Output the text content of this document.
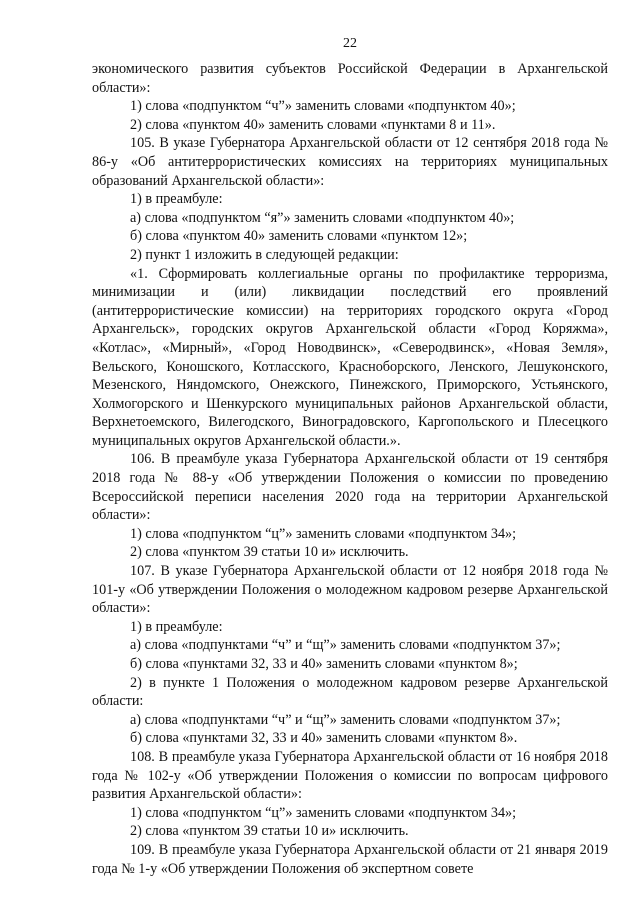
22

экономического развития субъектов Российской Федерации в Архангельской области»:

1) слова «подпунктом “ч”» заменить словами «подпунктом 40»;

2) слова «пунктом 40» заменить словами «пунктами 8 и 11».

105. В указе Губернатора Архангельской области от 12 сентября 2018 года № 86-у «Об антитеррористических комиссиях на территориях муниципальных образований Архангельской области»:

1) в преамбуле:

а) слова «подпунктом “я”» заменить словами «подпунктом 40»;

б) слова «пунктом 40» заменить словами «пунктом 12»;

2) пункт 1 изложить в следующей редакции:

«1. Сформировать коллегиальные органы по профилактике терроризма, минимизации и (или) ликвидации последствий его проявлений (антитеррористические комиссии) на территориях городского округа «Город Архангельск», городских округов Архангельской области «Город Коряжма», «Котлас», «Мирный», «Город Новодвинск», «Северодвинск», «Новая Земля», Вельского, Коношского, Котласского, Красноборского, Ленского, Лешуконского, Мезенского, Няндомского, Онежского, Пинежского, Приморского, Устьянского, Холмогорского и Шенкурского муниципальных районов Архангельской области, Верхнетоемского, Вилегодского, Виноградовского, Каргопольского и Плесецкого муниципальных округов Архангельской области.».

106. В преамбуле указа Губернатора Архангельской области от 19 сентября 2018 года № 88-у «Об утверждении Положения о комиссии по проведению Всероссийской переписи населения 2020 года на территории Архангельской области»:

1) слова «подпунктом “ц”» заменить словами «подпунктом 34»;

2) слова «пунктом 39 статьи 10 и» исключить.

107. В указе Губернатора Архангельской области от 12 ноября 2018 года № 101-у «Об утверждении Положения о молодежном кадровом резерве Архангельской области»:

1) в преамбуле:

а) слова «подпунктами “ч” и “щ”» заменить словами «подпунктом 37»;

б) слова «пунктами 32, 33 и 40» заменить словами «пунктом 8»;

2) в пункте 1 Положения о молодежном кадровом резерве Архангельской области:

а) слова «подпунктами “ч” и “щ”» заменить словами «подпунктом 37»;

б) слова «пунктами 32, 33 и 40» заменить словами «пунктом 8».

108. В преамбуле указа Губернатора Архангельской области от 16 ноября 2018 года № 102-у «Об утверждении Положения о комиссии по вопросам цифрового развития Архангельской области»:

1) слова «подпунктом “ц”» заменить словами «подпунктом 34»;

2) слова «пунктом 39 статьи 10 и» исключить.

109. В преамбуле указа Губернатора Архангельской области от 21 января 2019 года № 1-у «Об утверждении Положения об экспертном совете
